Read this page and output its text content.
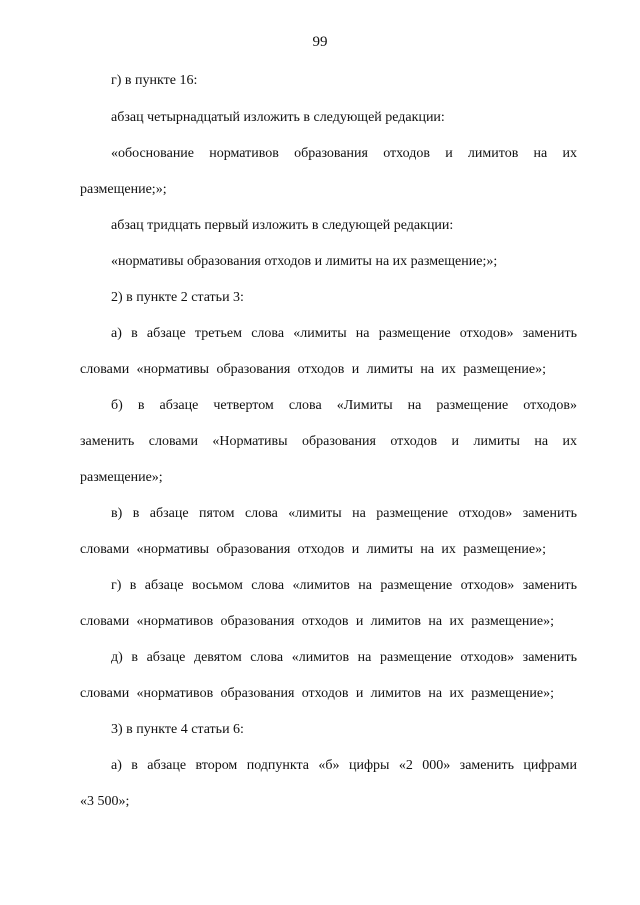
99
г) в пункте 16:
абзац четырнадцатый изложить в следующей редакции:
«обоснование нормативов образования отходов и лимитов на их
размещение;»;
абзац тридцать первый изложить в следующей редакции:
«нормативы образования отходов и лимиты на их размещение;»;
2) в пункте 2 статьи 3:
а) в абзаце третьем слова «лимиты на размещение отходов» заменить
словами «нормативы образования отходов и лимиты на их размещение»;
б) в абзаце четвертом слова «Лимиты на размещение отходов»
заменить словами «Нормативы образования отходов и лимиты на их
размещение»;
в) в абзаце пятом слова «лимиты на размещение отходов» заменить
словами «нормативы образования отходов и лимиты на их размещение»;
г) в абзаце восьмом слова «лимитов на размещение отходов» заменить
словами «нормативов образования отходов и лимитов на их размещение»;
д) в абзаце девятом слова «лимитов на размещение отходов» заменить
словами «нормативов образования отходов и лимитов на их размещение»;
3) в пункте 4 статьи 6:
а) в абзаце втором подпункта «б» цифры «2 000» заменить цифрами
«3 500»;
